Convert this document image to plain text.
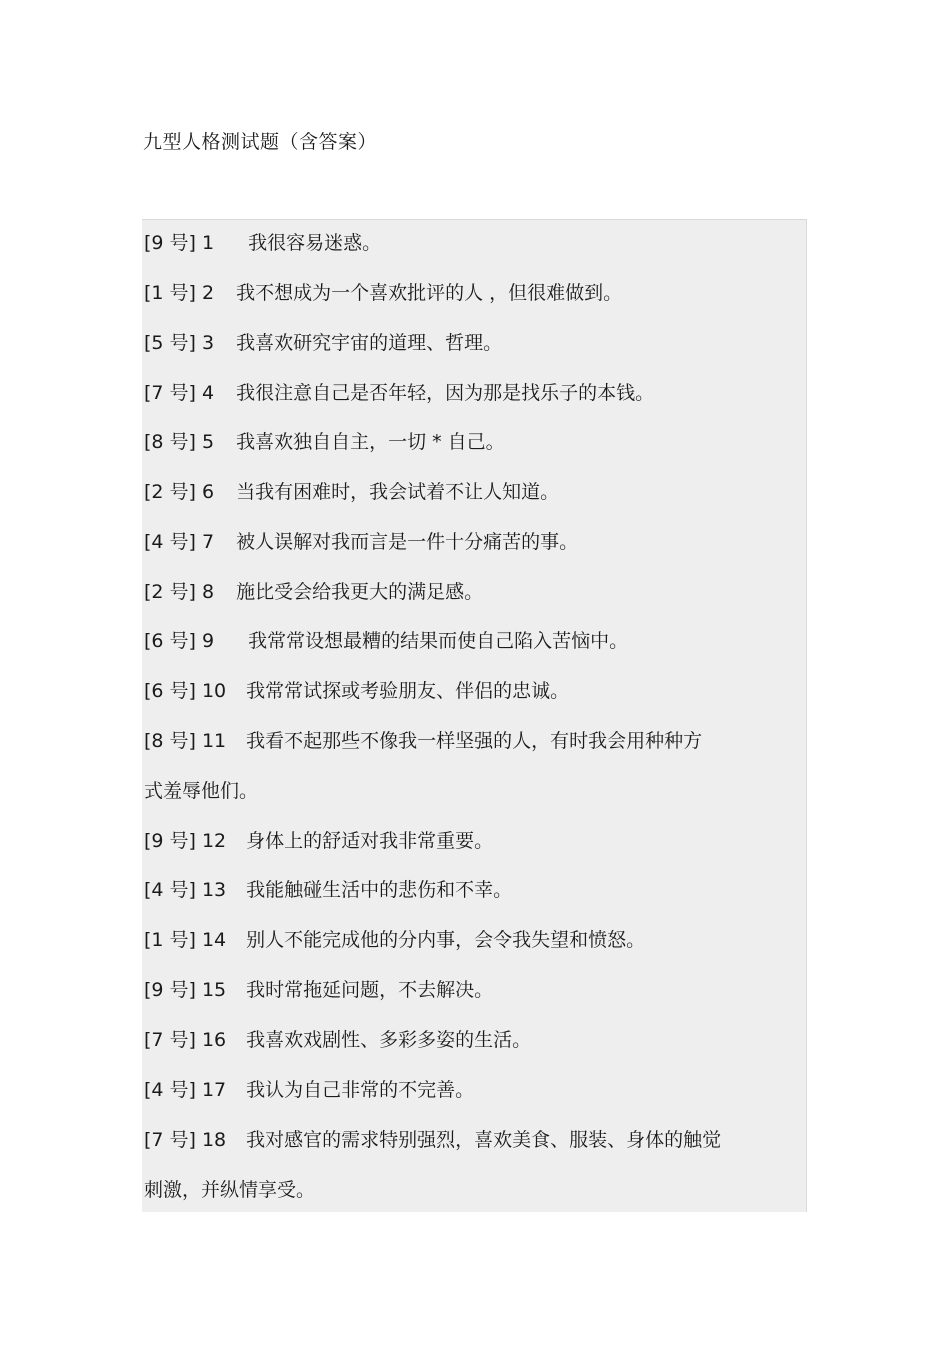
九型人格测试题（含答案）
[9 号] 1 我很容易迷惑。
[1 号] 2 我不想成为一个喜欢批评的人 ，但很难做到。
[5 号] 3 我喜欢研究宇宙的道理、哲理。
[7 号] 4 我很注意自己是否年轻，因为那是找乐子的本钱。
[8 号] 5 我喜欢独自自主，一切 * 自己。
[2 号] 6 当我有困难时，我会试着不让人知道。
[4 号] 7 被人误解对我而言是一件十分痛苦的事。
[2 号] 8 施比受会给我更大的满足感。
[6 号] 9 我常常设想最糟的结果而使自己陷入苦恼中。
[6 号] 10 我常常试探或考验朋友、伴侣的忠诚。
[8 号] 11 我看不起那些不像我一样坚强的人，有时我会用种种方
式羞辱他们。
[9 号] 12 身体上的舒适对我非常重要。
[4 号] 13 我能触碰生活中的悲伤和不幸。
[1 号] 14 别人不能完成他的分内事，会令我失望和愤怒。
[9 号] 15 我时常拖延问题，不去解决。
[7 号] 16 我喜欢戏剧性、多彩多姿的生活。
[4 号] 17 我认为自己非常的不完善。
[7 号] 18 我对感官的需求特别强烈，喜欢美食、服装、身体的触觉
刺激，并纵情享受。
